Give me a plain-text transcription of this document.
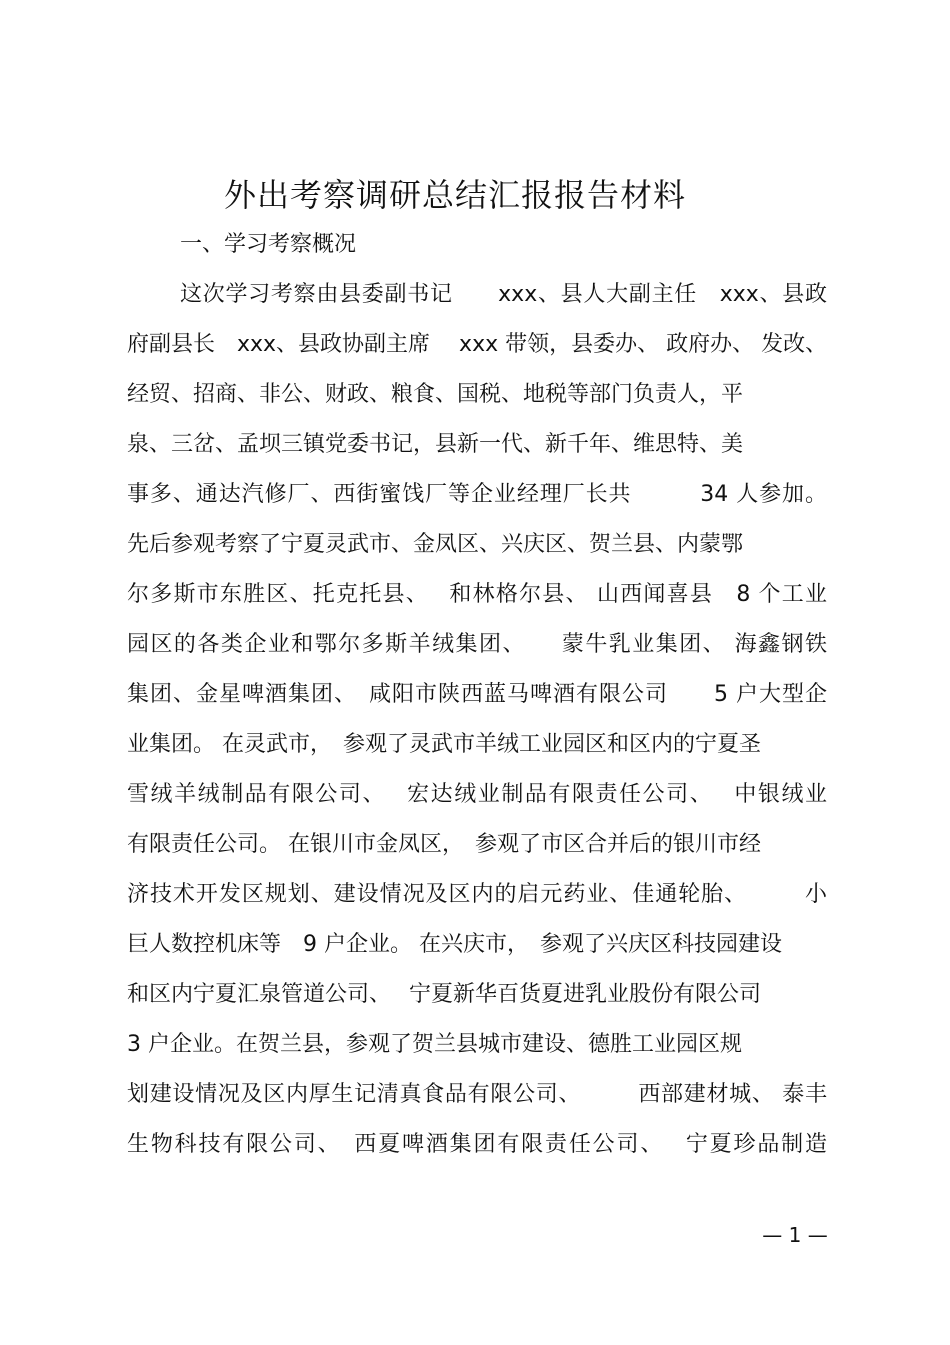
外出考察调研总结汇报报告材料
一、学习考察概况
这次学习考察由县委副书记　　xxx、县人大副主任　xxx、县政
府副县长　xxx、县政协副主席　 xxx 带领，县委办、 政府办、 发改、
经贸、招商、非公、财政、粮食、国税、地税等部门负责人，平
泉、三岔、孟坝三镇党委书记，县新一代、新千年、维思特、美
事多、通达汽修厂、西街蜜饯厂等企业经理厂长共　　　34 人参加。
先后参观考察了宁夏灵武市、金凤区、兴庆区、贺兰县、内蒙鄂
尔多斯市东胜区、托克托县、　 和林格尔县、 山西闻喜县　8 个工业
园区的各类企业和鄂尔多斯羊绒集团、　　蒙牛乳业集团、 海鑫钢铁
集团、金星啤酒集团、　咸阳市陕西蓝马啤酒有限公司　　5 户大型企
业集团。 在灵武市，　参观了灵武市羊绒工业园区和区内的宁夏圣
雪绒羊绒制品有限公司、　 宏达绒业制品有限责任公司、　 中银绒业
有限责任公司。 在银川市金凤区，　参观了市区合并后的银川市经
济技术开发区规划、建设情况及区内的启元药业、佳通轮胎、　　　小
巨人数控机床等　9 户企业。 在兴庆市，　参观了兴庆区科技园建设
和区内宁夏汇泉管道公司、　 宁夏新华百货夏进乳业股份有限公司
3 户企业。在贺兰县，参观了贺兰县城市建设、德胜工业园区规
划建设情况及区内厚生记清真食品有限公司、　　　西部建材城、 泰丰
生物科技有限公司、　西夏啤酒集团有限责任公司、　 宁夏珍品制造
— 1 —
